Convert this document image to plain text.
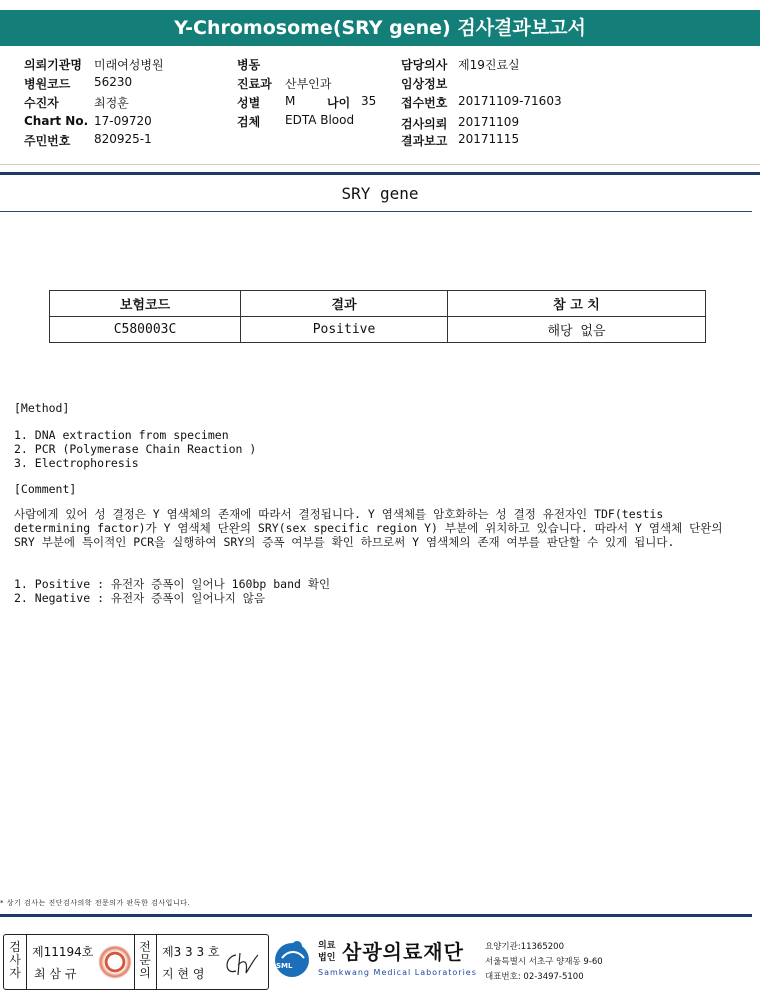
Y-Chromosome(SRY gene) 검사결과보고서
의뢰기관명 미래여성병원
병원코드 56230
수진자	최정훈
Chart No. 17-09720
주민번호 820925-1
병동
진료과 산부인과
성별 M	나이 35
검체 EDTA Blood
담당의사 제19진료실
임상정보
접수번호 20171109-71603
검사의뢰 20171109
결과보고 20171115
SRY gene
보험코드	결과	참 고 치
C580003C	Positive	해당 없음
[Method]
1. DNA extraction from specimen
2. PCR (Polymerase Chain Reaction )
3. Electrophoresis
[Comment]
사람에게 있어 성 결정은 Y 염색체의 존재에 따라서 결정됩니다. Y 염색체를 암호화하는 성 결정 유전자인 TDF(testis determining factor)가 Y 염색체 단완의 SRY(sex specific region Y) 부분에 위치하고 있습니다. 따라서 Y 염색체 단완의 SRY 부분에 특이적인 PCR을 실행하여 SRY의 증폭 여부를 확인 하므로써 Y 염색체의 존재 여부를 판단할 수 있게 됩니다.
1. Positive : 유전자 증폭이 일어나 160bp band 확인
2. Negative : 유전자 증폭이 일어나지 않음
* 상기 검사는 진단검사의학 전문의가 판독한 검사입니다.
검사자
제11194호
최 삼 규
전문의
제3 3 3 호
지 현 영
SML
의료
법인 삼광의료재단
Samkwang Medical Laboratories
요양기관:11365200
서울특별시 서초구 양재동 9-60
대표번호: 02-3497-5100
